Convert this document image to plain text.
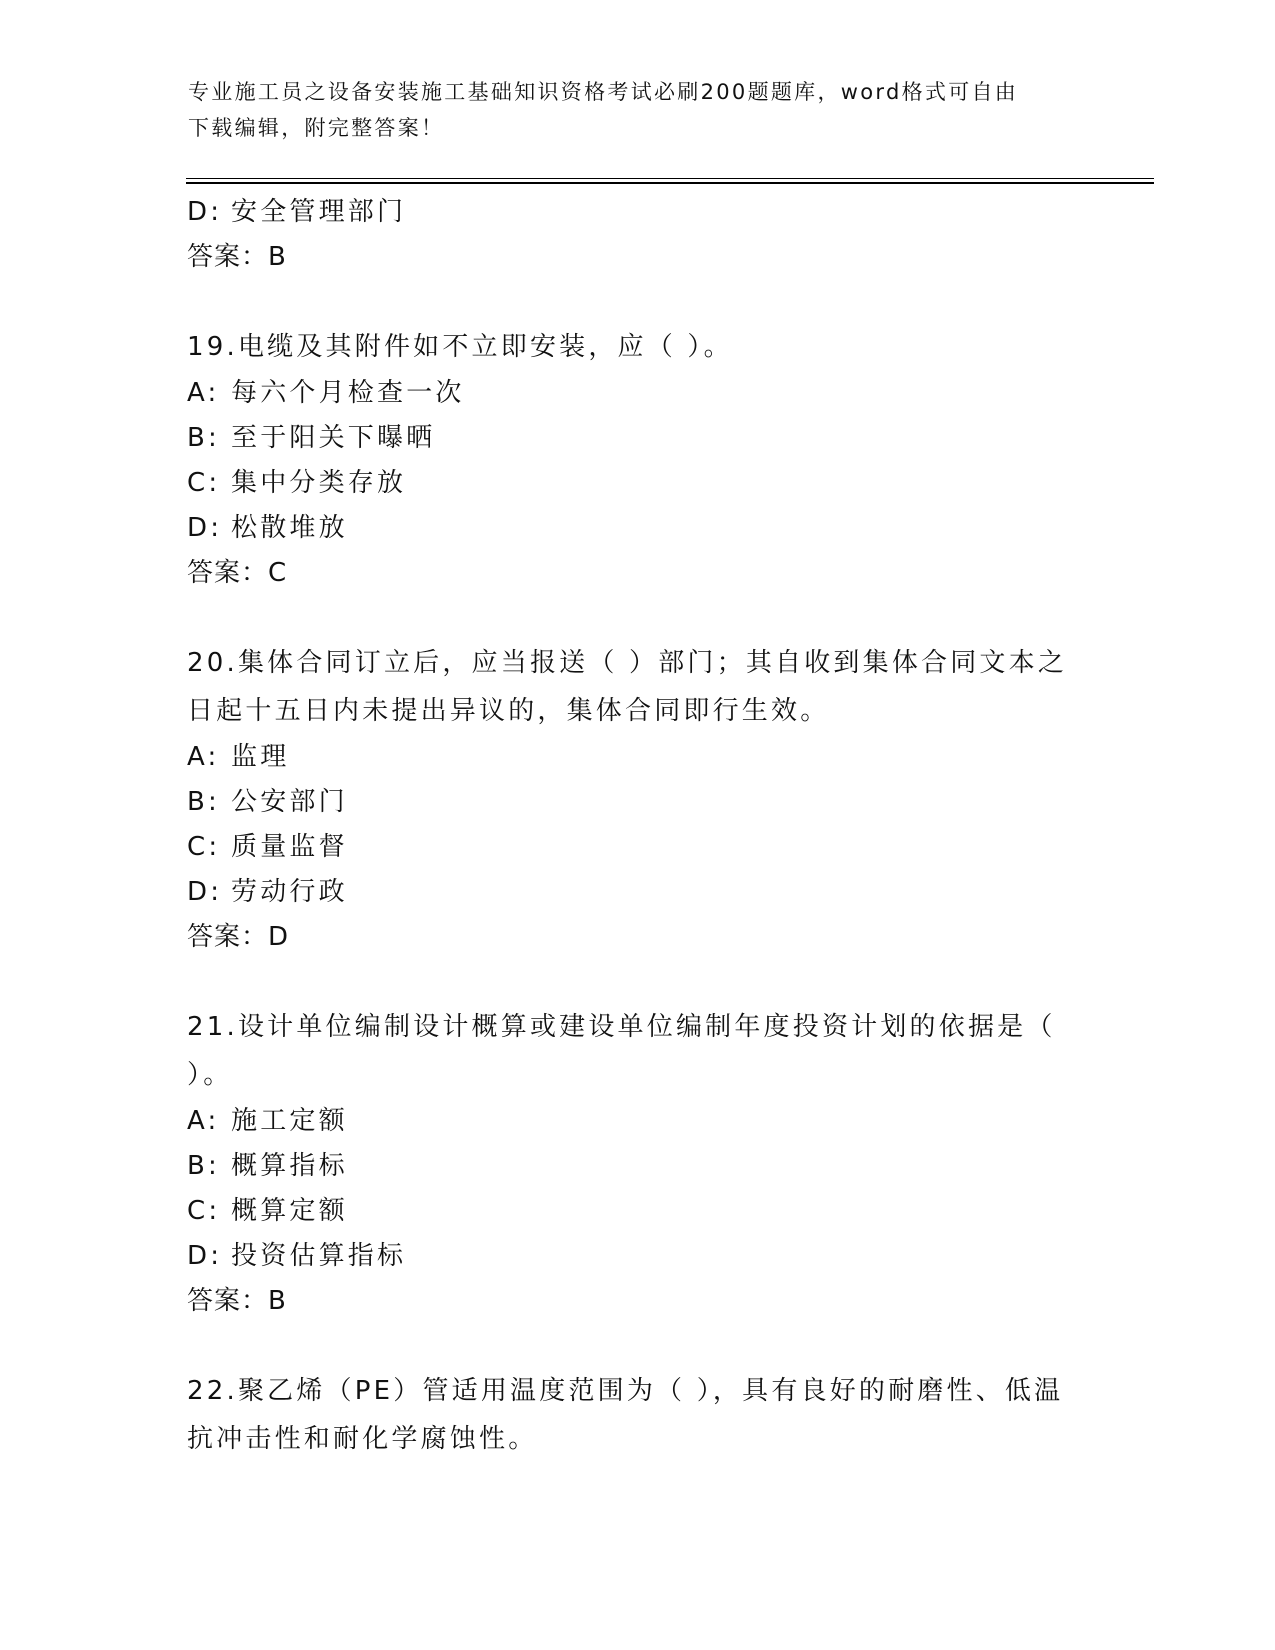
专业施工员之设备安装施工基础知识资格考试必刷200题题库，word格式可自由
下载编辑，附完整答案！
D: 安全管理部门
答案：B
19.电缆及其附件如不立即安装，应（ ）。
A: 每六个月检查一次
B: 至于阳关下曝晒
C: 集中分类存放
D: 松散堆放
答案：C
20.集体合同订立后，应当报送（ ）部门；其自收到集体合同文本之
日起十五日内未提出异议的，集体合同即行生效。
A: 监理
B: 公安部门
C: 质量监督
D: 劳动行政
答案：D
21.设计单位编制设计概算或建设单位编制年度投资计划的依据是（
）。
A: 施工定额
B: 概算指标
C: 概算定额
D: 投资估算指标
答案：B
22.聚乙烯（PE）管适用温度范围为（ ），具有良好的耐磨性、低温
抗冲击性和耐化学腐蚀性。
